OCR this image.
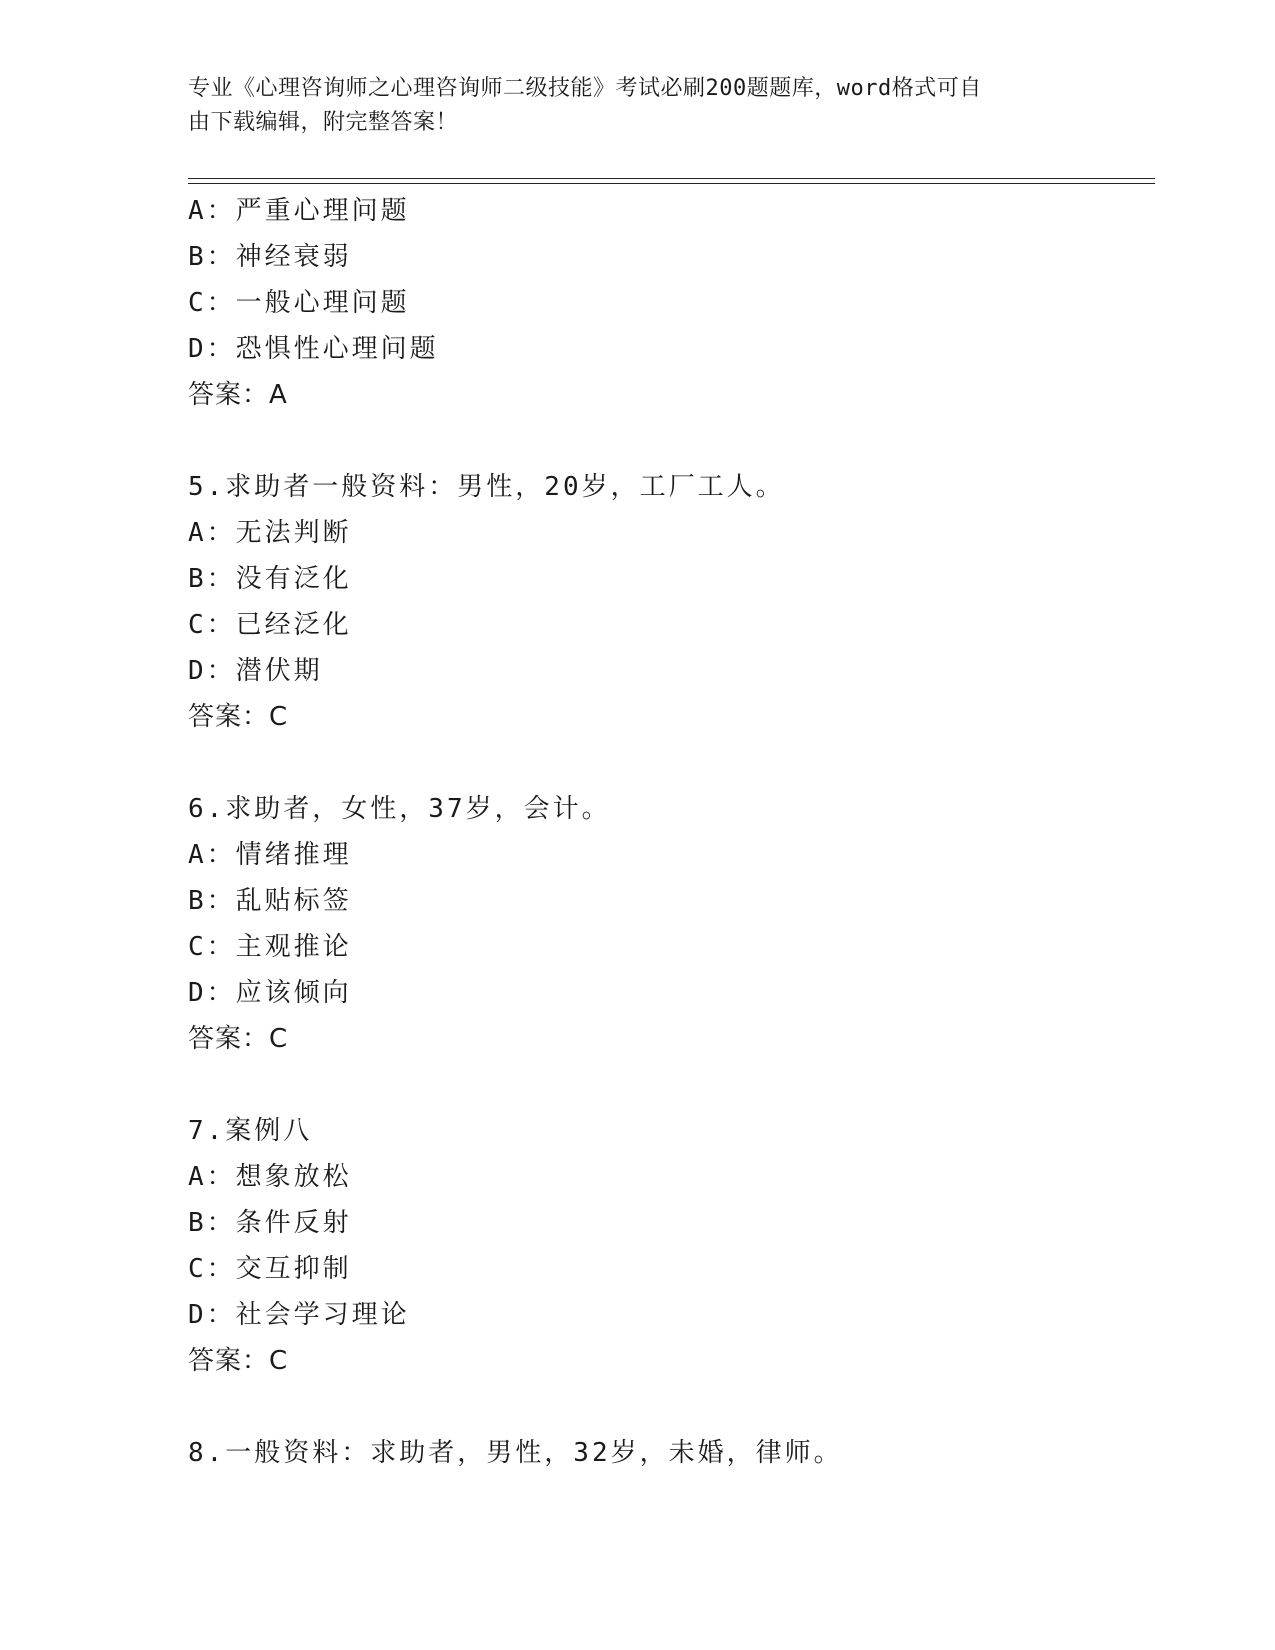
专业《心理咨询师之心理咨询师二级技能》考试必刷200题题库，word格式可自
由下载编辑，附完整答案！
A：严重心理问题
B：神经衰弱
C：一般心理问题
D：恐惧性心理问题
答案：A
5.求助者一般资料：男性，20岁，工厂工人。
A：无法判断
B：没有泛化
C：已经泛化
D：潜伏期
答案：C
6.求助者，女性，37岁，会计。
A：情绪推理
B：乱贴标签
C：主观推论
D：应该倾向
答案：C
7.案例八
A：想象放松
B：条件反射
C：交互抑制
D：社会学习理论
答案：C
8.一般资料：求助者，男性，32岁，未婚，律师。
